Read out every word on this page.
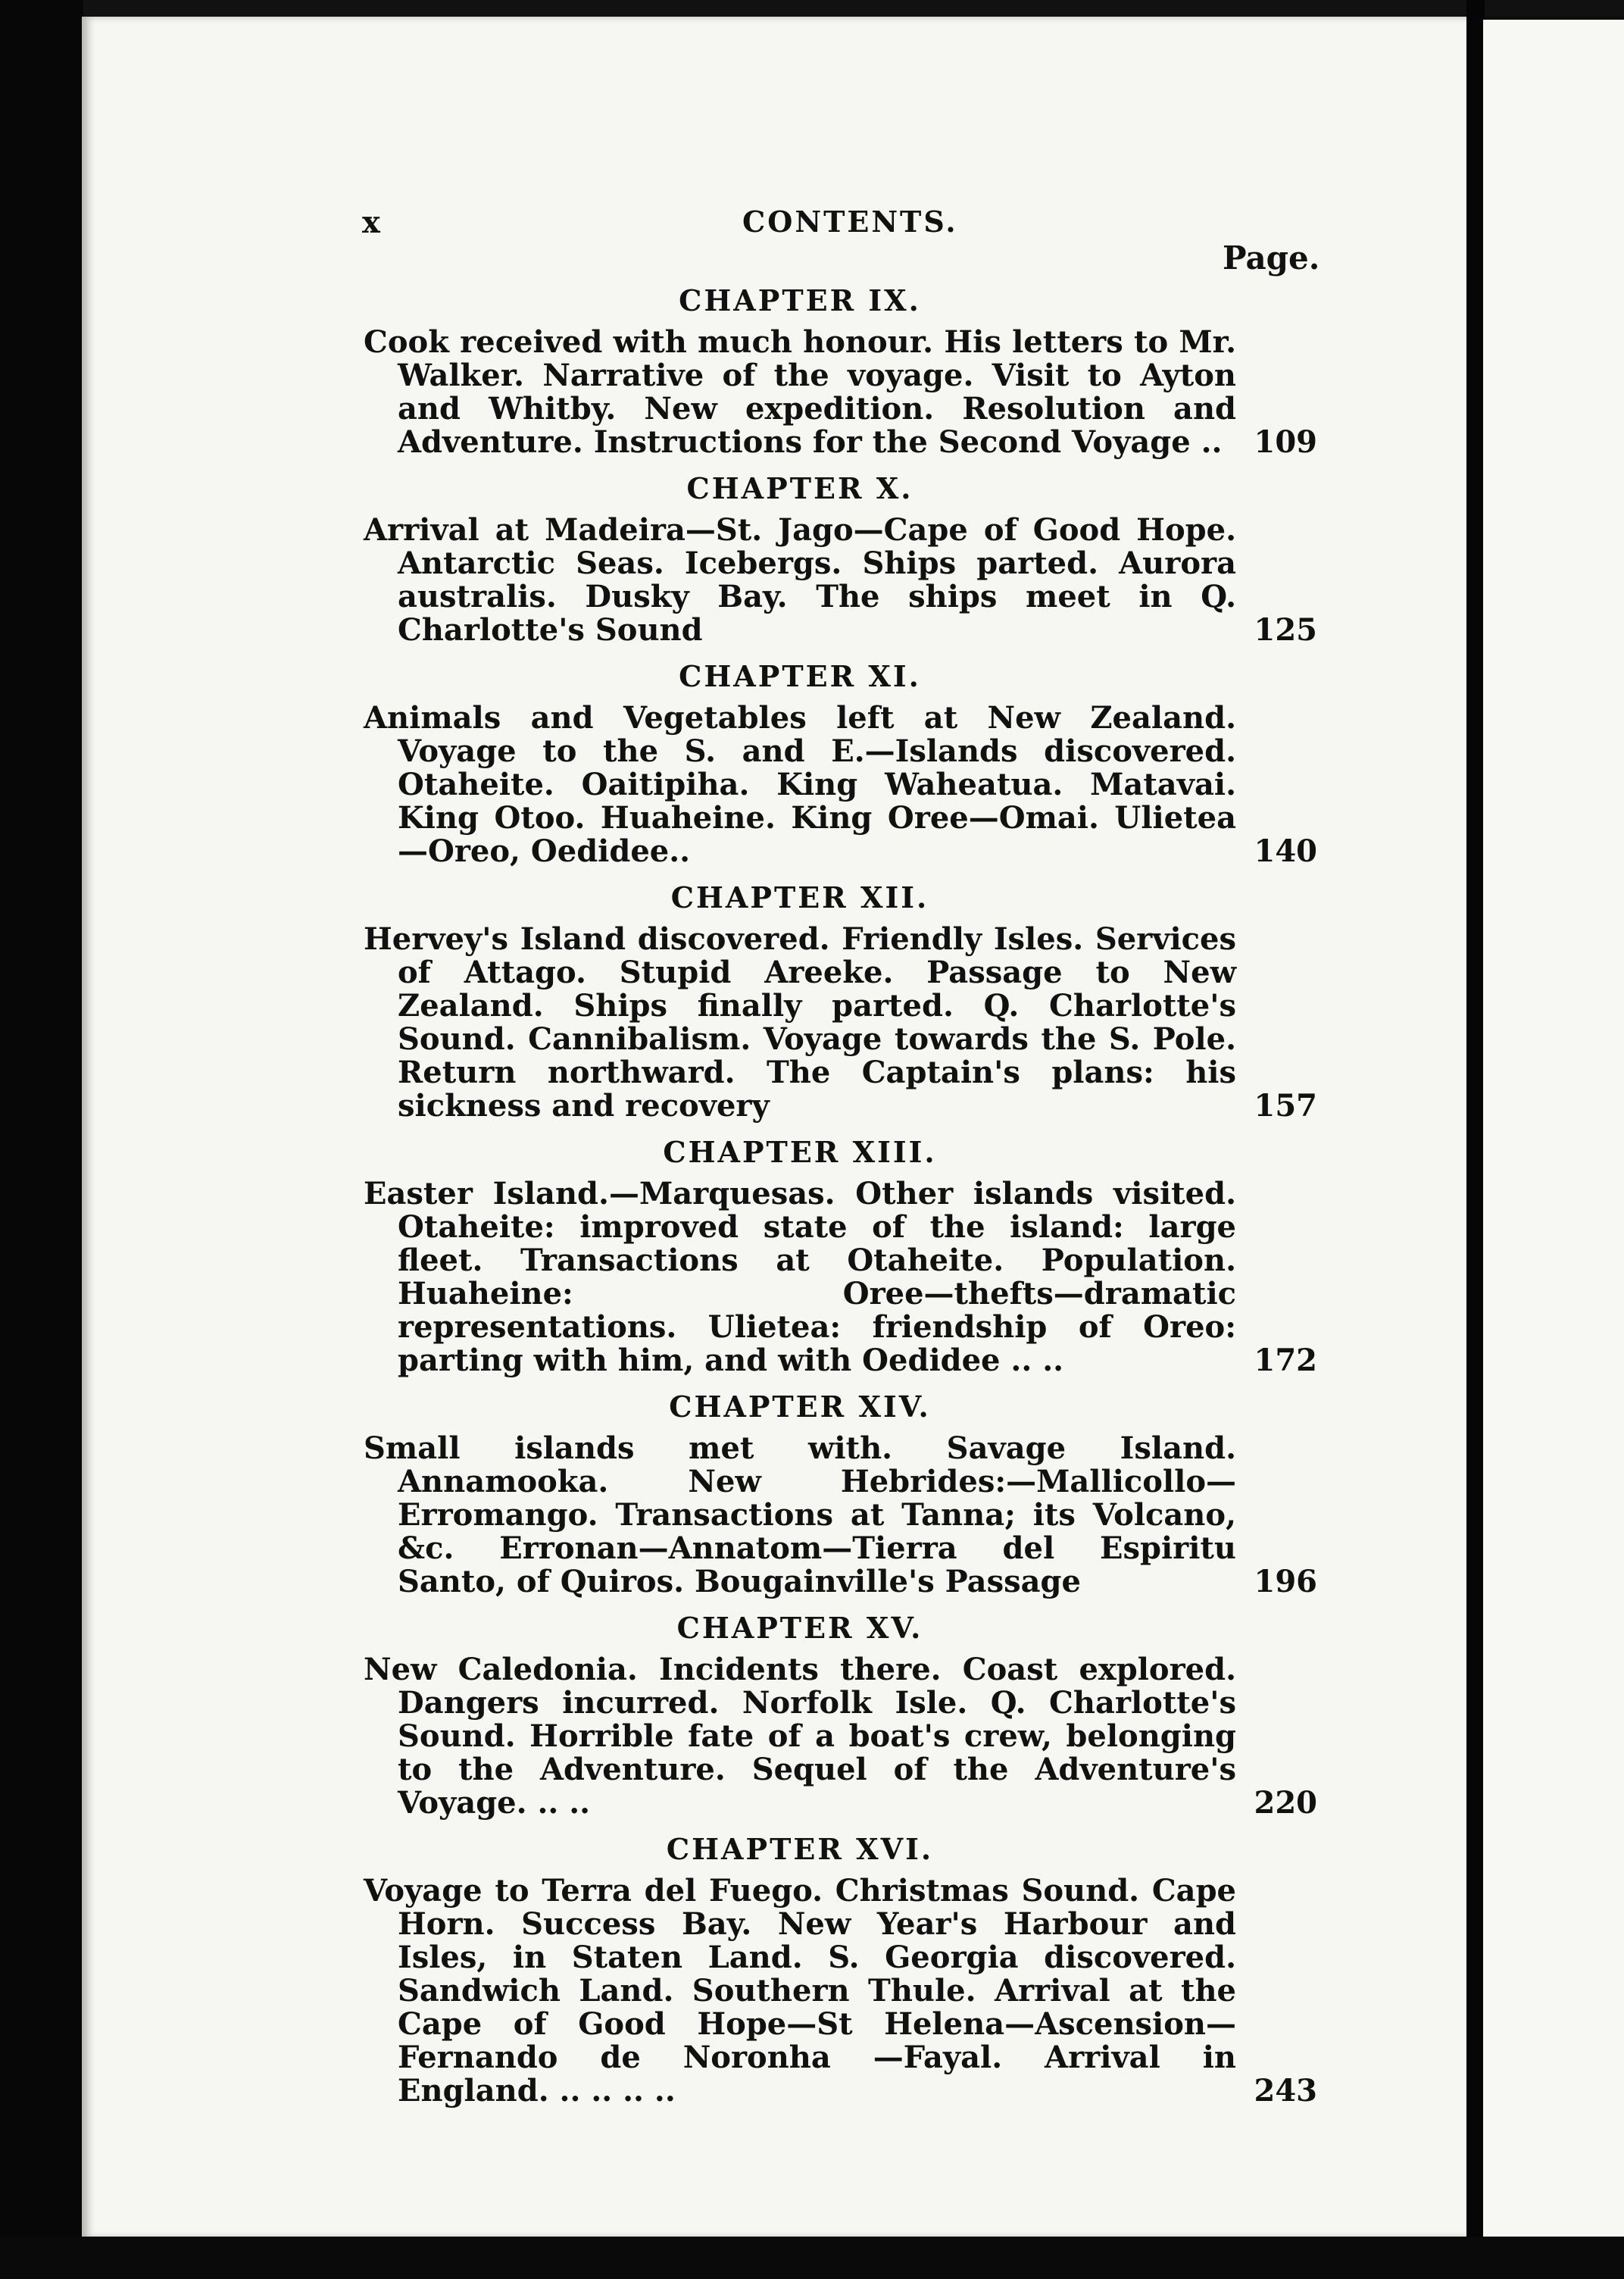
x	CONTENTS.
Page.
CHAPTER IX.
Cook received with much honour. His letters to Mr. Walker. Narrative of the voyage. Visit to Ayton and Whitby. New expedition. Resolution and Adventure. Instructions for the Second Voyage ..	109
CHAPTER X.
Arrival at Madeira—St. Jago—Cape of Good Hope. Antarctic Seas. Icebergs. Ships parted. Aurora australis. Dusky Bay. The ships meet in Q. Charlotte's Sound	125
CHAPTER XI.
Animals and Vegetables left at New Zealand. Voyage to the S. and E.—Islands discovered. Otaheite. Oaitipiha. King Waheatua. Matavai. King Otoo. Huaheine. King Oree—Omai. Ulietea—Oreo, Oedidee..	140
CHAPTER XII.
Hervey's Island discovered. Friendly Isles. Services of Attago. Stupid Areeke. Passage to New Zealand. Ships finally parted. Q. Charlotte's Sound. Cannibalism. Voyage towards the S. Pole. Return northward. The Captain's plans: his sickness and recovery	157
CHAPTER XIII.
Easter Island.—Marquesas. Other islands visited. Otaheite: improved state of the island: large fleet. Transactions at Otaheite. Population. Huaheine: Oree—thefts—dramatic representations. Ulietea: friendship of Oreo: parting with him, and with Oedidee .. ..	172
CHAPTER XIV.
Small islands met with. Savage Island. Annamooka. New Hebrides:—Mallicollo—Erromango. Transactions at Tanna; its Volcano, &c. Erronan—Annatom—Tierra del Espiritu Santo, of Quiros. Bougainville's Passage	196
CHAPTER XV.
New Caledonia. Incidents there. Coast explored. Dangers incurred. Norfolk Isle. Q. Charlotte's Sound. Horrible fate of a boat's crew, belonging to the Adventure. Sequel of the Adventure's Voyage. .. ..	220
CHAPTER XVI.
Voyage to Terra del Fuego. Christmas Sound. Cape Horn. Success Bay. New Year's Harbour and Isles, in Staten Land. S. Georgia discovered. Sandwich Land. Southern Thule. Arrival at the Cape of Good Hope—St Helena—Ascension—Fernando de Noronha —Fayal. Arrival in England. .. .. .. ..	243
